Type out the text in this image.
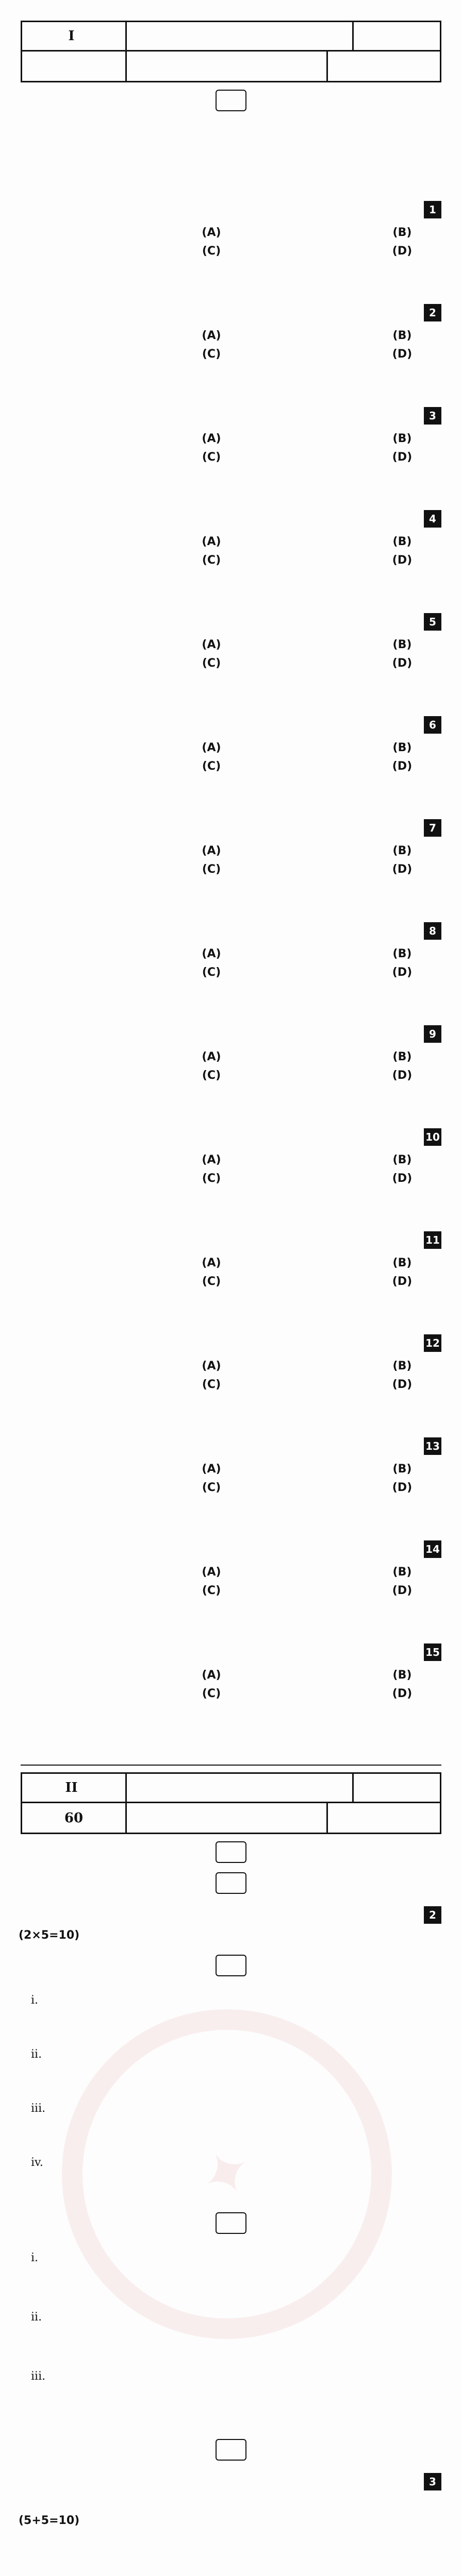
✦

I
1
(A)	(B)
(C)	(D)
2
(A)	(B)
(C)	(D)
3
(A)	(B)
(C)	(D)
4
(A)	(B)
(C)	(D)
5
(A)	(B)
(C)	(D)
6
(A)	(B)
(C)	(D)
7
(A)	(B)
(C)	(D)
8
(A)	(B)
(C)	(D)
9
(A)	(B)
(C)	(D)
10
(A)	(B)
(C)	(D)
11
(A)	(B)
(C)	(D)
12
(A)	(B)
(C)	(D)
13
(A)	(B)
(C)	(D)
14
(A)	(B)
(C)	(D)
15
(A)	(B)
(C)	(D)

II
60
2
(2×5=10)
i.
ii.
iii.
iv.
i.
ii.
iii.
3
(5+5=10)
